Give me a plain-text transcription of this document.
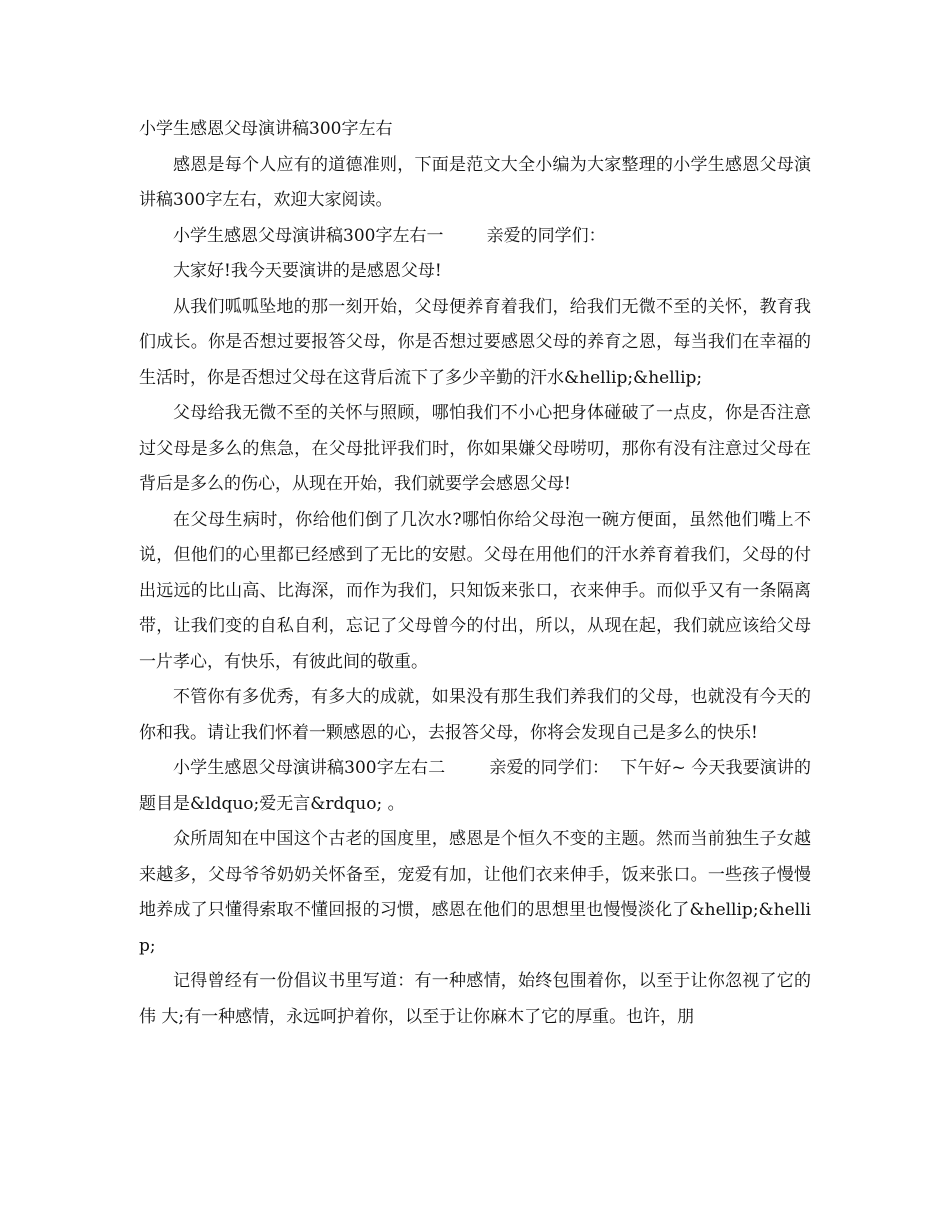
小学生感恩父母演讲稿300字左右

感恩是每个人应有的道德准则，下面是范文大全小编为大家整理的小学生感恩父母演讲稿300字左右，欢迎大家阅读。

小学生感恩父母演讲稿300字左右一        亲爱的同学们：

大家好!我今天要演讲的是感恩父母!

从我们呱呱坠地的那一刻开始，父母便养育着我们，给我们无微不至的关怀，教育我们成长。你是否想过要报答父母，你是否想过要感恩父母的养育之恩，每当我们在幸福的生活时，你是否想过父母在这背后流下了多少辛勤的汗水&hellip;&hellip;

父母给我无微不至的关怀与照顾，哪怕我们不小心把身体碰破了一点皮，你是否注意过父母是多么的焦急，在父母批评我们时，你如果嫌父母唠叨，那你有没有注意过父母在背后是多么的伤心，从现在开始，我们就要学会感恩父母!

在父母生病时，你给他们倒了几次水?哪怕你给父母泡一碗方便面，虽然他们嘴上不说，但他们的心里都已经感到了无比的安慰。父母在用他们的汗水养育着我们，父母的付出远远的比山高、比海深，而作为我们，只知饭来张口，衣来伸手。而似乎又有一条隔离带，让我们变的自私自利，忘记了父母曾今的付出，所以，从现在起，我们就应该给父母一片孝心，有快乐，有彼此间的敬重。

不管你有多优秀，有多大的成就，如果没有那生我们养我们的父母，也就没有今天的你和我。请让我们怀着一颗感恩的心，去报答父母，你将会发现自己是多么的快乐!

小学生感恩父母演讲稿300字左右二        亲爱的同学们：  下午好~ 今天我要演讲的题目是&ldquo;爱无言&rdquo; 。

众所周知在中国这个古老的国度里，感恩是个恒久不变的主题。然而当前独生子女越来越多，父母爷爷奶奶关怀备至，宠爱有加，让他们衣来伸手，饭来张口。一些孩子慢慢地养成了只懂得索取不懂回报的习惯，感恩在他们的思想里也慢慢淡化了&hellip;&hellip;

记得曾经有一份倡议书里写道：有一种感情，始终包围着你，以至于让你忽视了它的伟 大;有一种感情，永远呵护着你，以至于让你麻木了它的厚重。也许，朋
